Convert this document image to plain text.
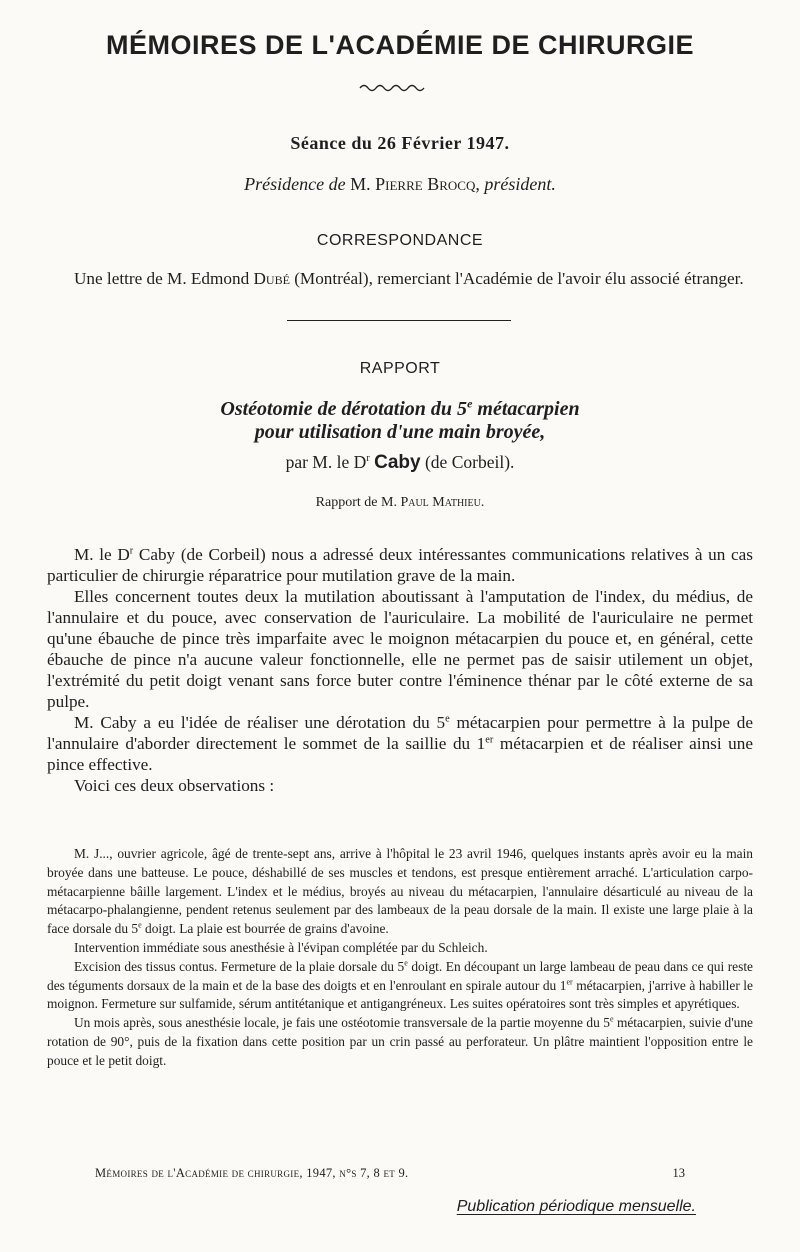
MÉMOIRES DE L'ACADÉMIE DE CHIRURGIE
Séance du 26 Février 1947.
Présidence de M. Pierre Brocq, président.
CORRESPONDANCE

Une lettre de M. Edmond Dubé (Montréal), remerciant l'Académie de l'avoir élu associé étranger.

RAPPORT
Ostéotomie de dérotation du 5e métacarpien
pour utilisation d'une main broyée,
par M. le $D^r$ Caby (de Corbeil).
Rapport de M. Paul Mathieu.

M. le $D^r$ Caby (de Corbeil) nous a adressé deux intéressantes communications relatives à un cas particulier de chirurgie réparatrice pour mutilation grave de la main.

Elles concernent toutes deux la mutilation aboutissant à l'amputation de l'index, du médius, de l'annulaire et du pouce, avec conservation de l'auriculaire. La mobilité de l'auriculaire ne permet qu'une ébauche de pince très imparfaite avec le moignon métacarpien du pouce et, en général, cette ébauche de pince n'a aucune valeur fonctionnelle, elle ne permet pas de saisir utilement un objet, l'extrémité du petit doigt venant sans force buter contre l'éminence thénar par le côté externe de sa pulpe.

M. Caby a eu l'idée de réaliser une dérotation du 5e métacarpien pour permettre à la pulpe de l'annulaire d'aborder directement le sommet de la saillie du 1er métacarpien et de réaliser ainsi une pince effective.

Voici ces deux observations :

M. J..., ouvrier agricole, âgé de trente-sept ans, arrive à l'hôpital le 23 avril 1946, quelques instants après avoir eu la main broyée dans une batteuse. Le pouce, déshabillé de ses muscles et tendons, est presque entièrement arraché. L'articulation carpo-métacarpienne bâille largement. L'index et le médius, broyés au niveau du métacarpien, l'annulaire désarticulé au niveau de la métacarpo-phalangienne, pendent retenus seulement par des lambeaux de la peau dorsale de la main. Il existe une large plaie à la face dorsale du 5e doigt. La plaie est bourrée de grains d'avoine.

Intervention immédiate sous anesthésie à l'évipan complétée par du Schleich.

Excision des tissus contus. Fermeture de la plaie dorsale du 5e doigt. En découpant un large lambeau de peau dans ce qui reste des téguments dorsaux de la main et de la base des doigts et en l'enroulant en spirale autour du 1er métacarpien, j'arrive à habiller le moignon. Fermeture sur sulfamide, sérum antitétanique et antigangréneux. Les suites opératoires sont très simples et apyrétiques.

Un mois après, sous anesthésie locale, je fais une ostéotomie transversale de la partie moyenne du 5e métacarpien, suivie d'une rotation de 90°, puis de la fixation dans cette position par un crin passé au perforateur. Un plâtre maintient l'opposition entre le pouce et le petit doigt.

Mémoires de l'Académie de chirurgie, 1947, n°s 7, 8 et 9.	13
Publication périodique mensuelle.
